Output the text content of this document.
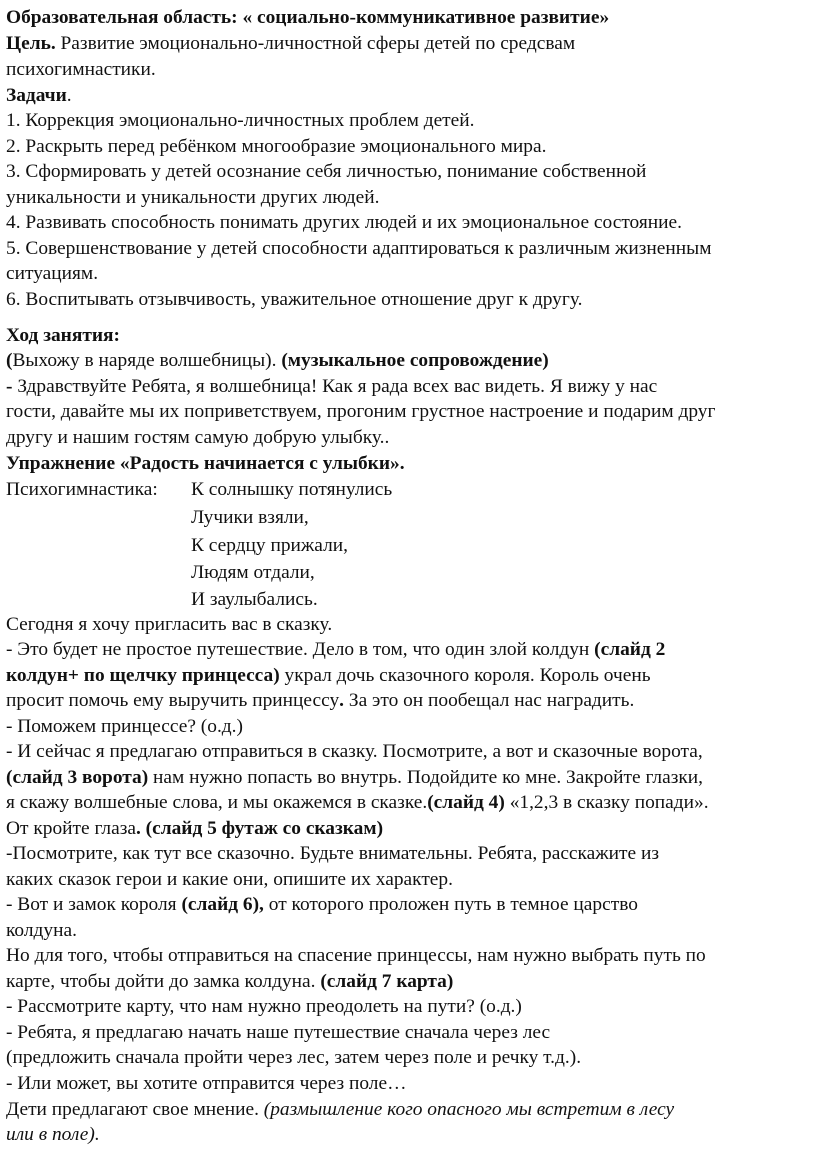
Образовательная область: « социально-коммуникативное развитие»
Цель. Развитие эмоционально-личностной сферы детей по средсвам
психогимнастики.
Задачи.
1. Коррекция эмоционально-личностных проблем детей.
2. Раскрыть перед ребёнком многообразие эмоционального мира.
3. Сформировать у детей осознание себя личностью, понимание собственной
уникальности и уникальности других людей.
4. Развивать способность понимать других людей и их эмоциональное состояние.
5. Совершенствование у детей способности адаптироваться к различным жизненным
ситуациям.
6. Воспитывать отзывчивость, уважительное отношение друг к другу.
Ход занятия:
(Выхожу в наряде волшебницы). (музыкальное сопровождение)
- Здравствуйте Ребята, я волшебница! Как я рада всех вас видеть. Я вижу у нас
гости, давайте мы их поприветствуем, прогоним грустное настроение и подарим друг
другу и нашим гостям самую добрую улыбку..
Упражнение «Радость начинается с улыбки».
Психогимнастика: К солнышку потянулись
Лучики взяли,
К сердцу прижали,
Людям отдали,
И заулыбались.
Сегодня я хочу пригласить вас в сказку.
- Это будет не простое путешествие. Дело в том, что один злой колдун (слайд 2
колдун+ по щелчку принцесса) украл дочь сказочного короля. Король очень
просит помочь ему выручить принцессу. За это он пообещал нас наградить.
- Поможем принцессе? (о.д.)
- И сейчас я предлагаю отправиться в сказку. Посмотрите, а вот и сказочные ворота,
(слайд 3 ворота) нам нужно попасть во внутрь. Подойдите ко мне. Закройте глазки,
я скажу волшебные слова, и мы окажемся в сказке.(слайд 4) «1,2,3 в сказку попади».
От кройте глаза. (слайд 5 футаж со сказкам)
-Посмотрите, как тут все сказочно. Будьте внимательны. Ребята, расскажите из
каких сказок герои и какие они, опишите их характер.
- Вот и замок короля (слайд 6), от которого проложен путь в темное царство
колдуна.
Но для того, чтобы отправиться на спасение принцессы, нам нужно выбрать путь по
карте, чтобы дойти до замка колдуна. (слайд 7 карта)
- Рассмотрите карту, что нам нужно преодолеть на пути? (о.д.)
- Ребята, я предлагаю начать наше путешествие сначала через лес
(предложить сначала пройти через лес, затем через поле и речку т.д.).
- Или может, вы хотите отправится через поле…
Дети предлагают свое мнение. (размышление кого опасного мы встретим в лесу
или в поле).
